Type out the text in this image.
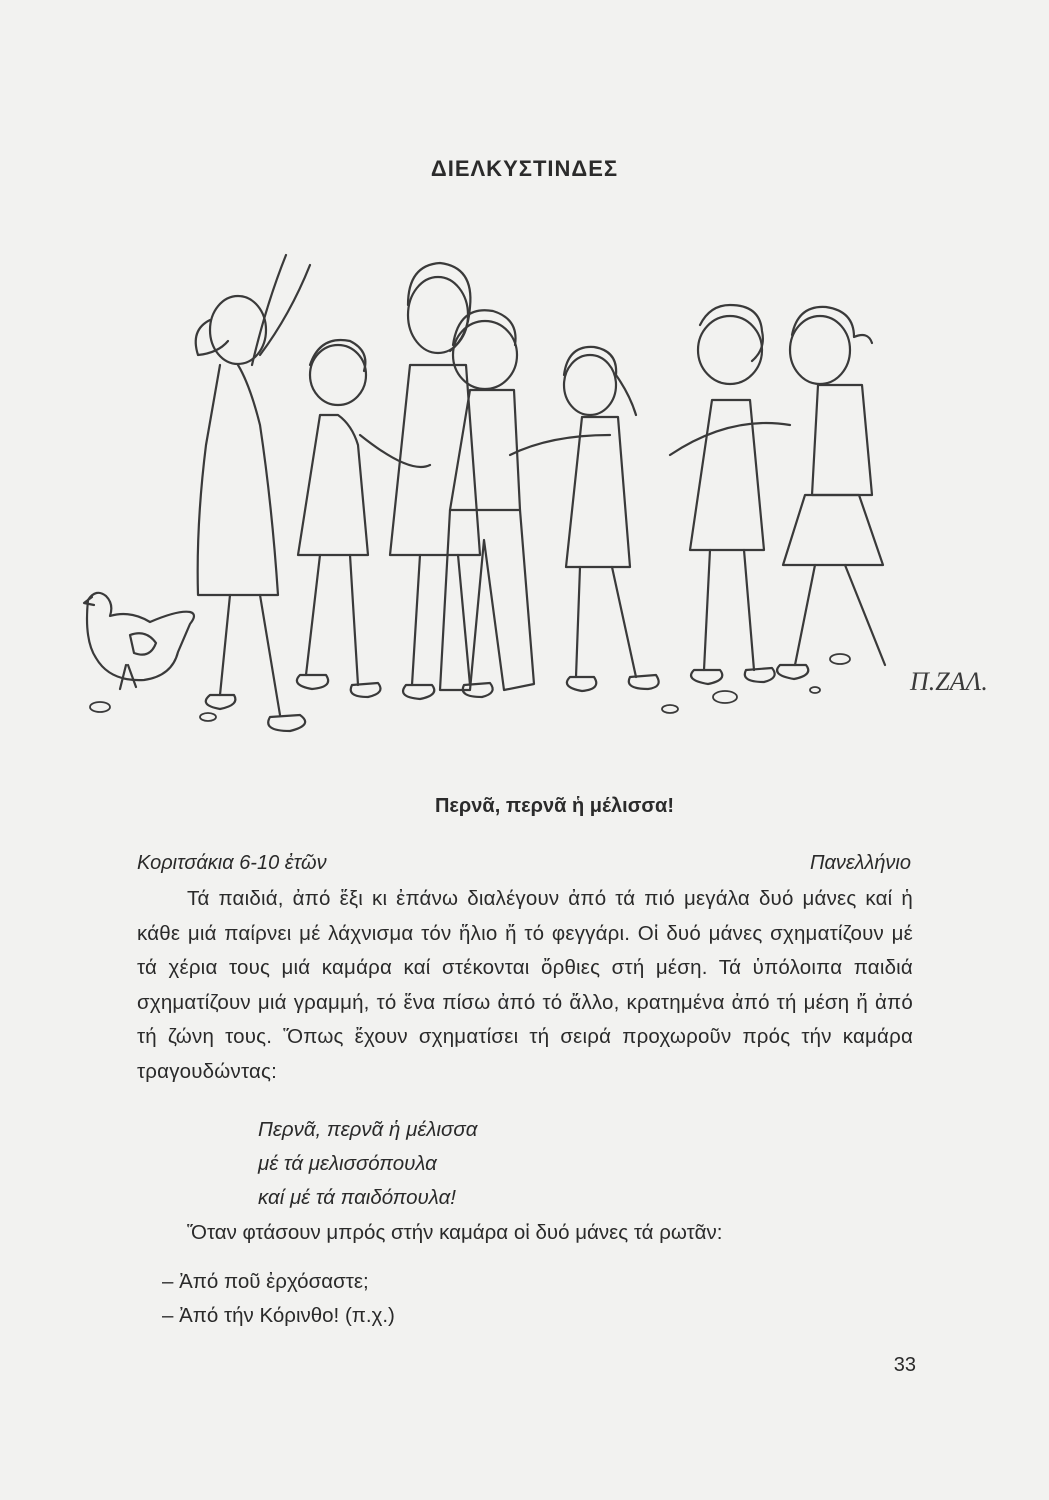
ΔΙΕΛΚΥΣΤΙΝΔΕΣ
Π.ΖΑΛ.
Περνᾶ, περνᾶ ἡ μέλισσα!
Κοριτσάκια 6-10 ἐτῶν	Πανελλήνιο

Τά παιδιά, ἀπό ἕξι κι ἐπάνω διαλέγουν ἀπό τά πιό μεγάλα δυό μάνες καί ἡ κάθε μιά παίρνει μέ λάχνισμα τόν ἥλιο ἤ τό φεγγάρι. Οἱ δυό μάνες σχηματίζουν μέ τά χέρια τους μιά καμάρα καί στέκονται ὄρθιες στή μέση. Τά ὑπόλοιπα παιδιά σχηματίζουν μιά γραμμή, τό ἕνα πίσω ἀπό τό ἄλλο, κρατημένα ἀπό τή μέση ἤ ἀπό τή ζώνη τους. Ὅπως ἔχουν σχηματίσει τή σειρά προχωροῦν πρός τήν καμάρα τραγουδώντας:

Περνᾶ, περνᾶ ἡ μέλισσα
μέ τά μελισσόπουλα
καί μέ τά παιδόπουλα!
Ὅταν φτάσουν μπρός στήν καμάρα οἱ δυό μάνες τά ρωτᾶν:
– Ἀπό ποῦ ἐρχόσαστε;
– Ἀπό τήν Κόρινθο! (π.χ.)
33
